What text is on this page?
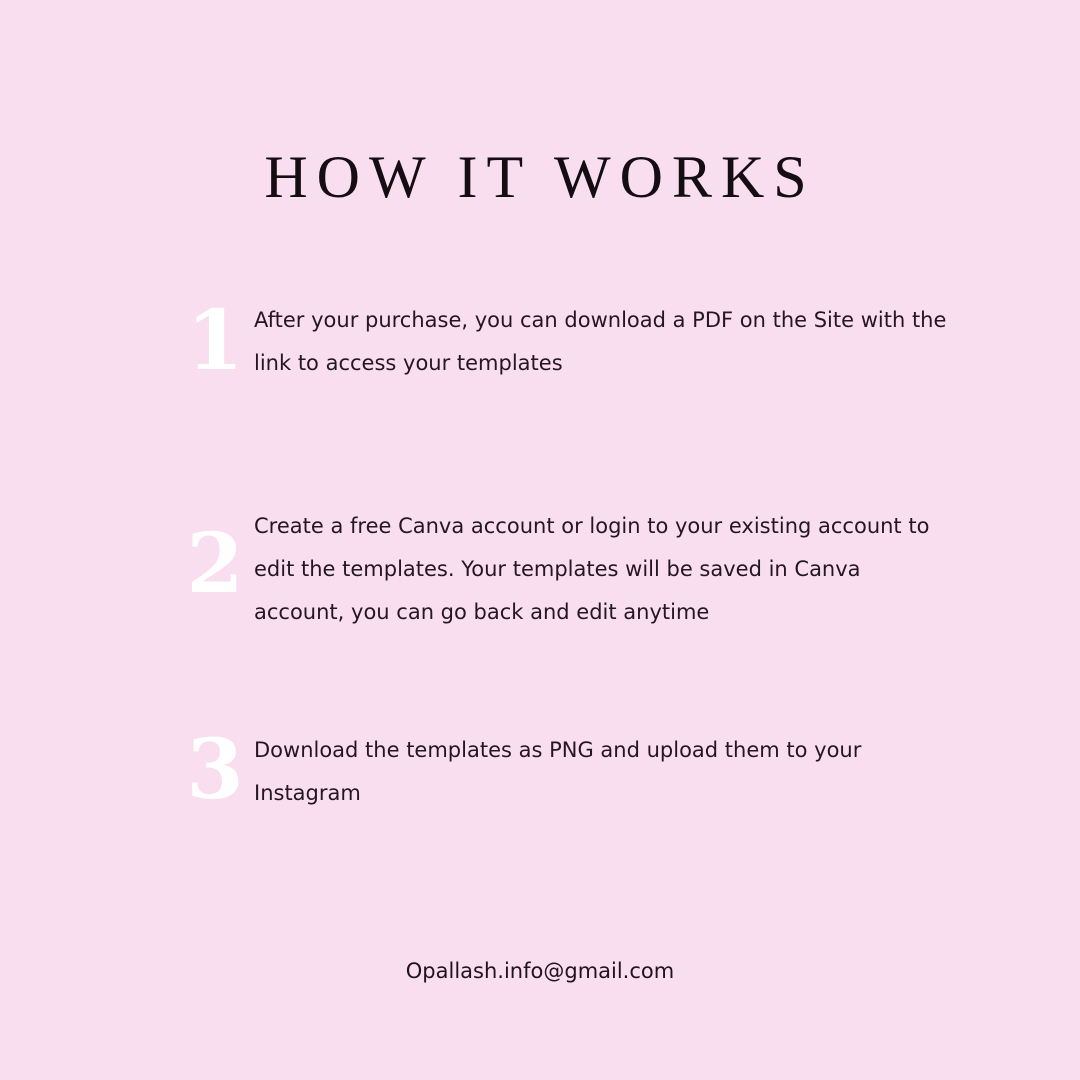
HOW IT WORKS
1 After your purchase, you can download a PDF on the Site with the link to access your templates
2 Create a free Canva account or login to your existing account to edit the templates. Your templates will be saved in Canva account, you can go back and edit anytime
3 Download the templates as PNG and upload them to your Instagram
Opallash.info@gmail.com
